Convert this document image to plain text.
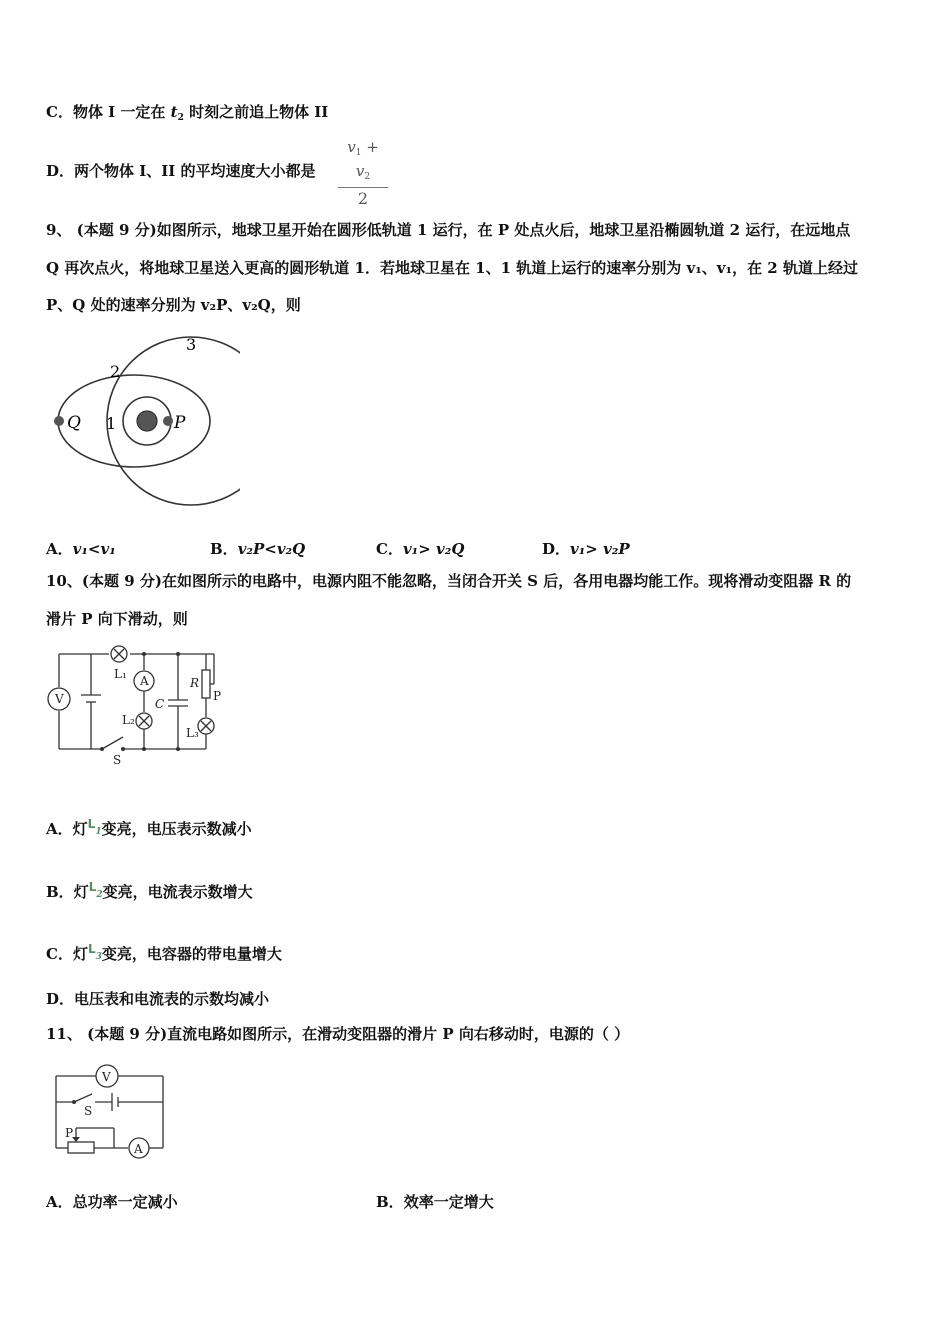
C．物体 I 一定在 $t_2$ 时刻之前追上物体 II
D．两个物体 I、II 的平均速度大小都是
$v_1 + v_2$
2
9、 (本题 9 分)如图所示，地球卫星开始在圆形低轨道 1 运行，在 P 处点火后，地球卫星沿椭圆轨道 2 运行，在远地点
Q 再次点火，将地球卫星送入更高的圆形轨道 1．若地球卫星在 1、1 轨道上运行的速率分别为 v₁、v₁，在 2 轨道上经过
P、Q 处的速率分别为 v₂P、v₂Q，则
3
2
1
Q	P
A．v₁<v₁	B．v₂P<v₂Q	C．v₁> v₂Q	D．v₁> v₂P
10、(本题 9 分)在如图所示的电路中，电源内阻不能忽略，当闭合开关 S 后，各用电器均能工作。现将滑动变阻器 R 的
滑片 P 向下滑动，则
V
A
L₁
L₂
L₃
C
R
P
S
A．灯$^L$1变亮，电压表示数减小
B．灯$^L$2变亮，电流表示数增大
C．灯$^L$3变亮，电容器的带电量增大
D．电压表和电流表的示数均减小
11、 (本题 9 分)直流电路如图所示，在滑动变阻器的滑片 P 向右移动时，电源的（ ）
V
S
P
A
A．总功率一定减小	B．效率一定增大
